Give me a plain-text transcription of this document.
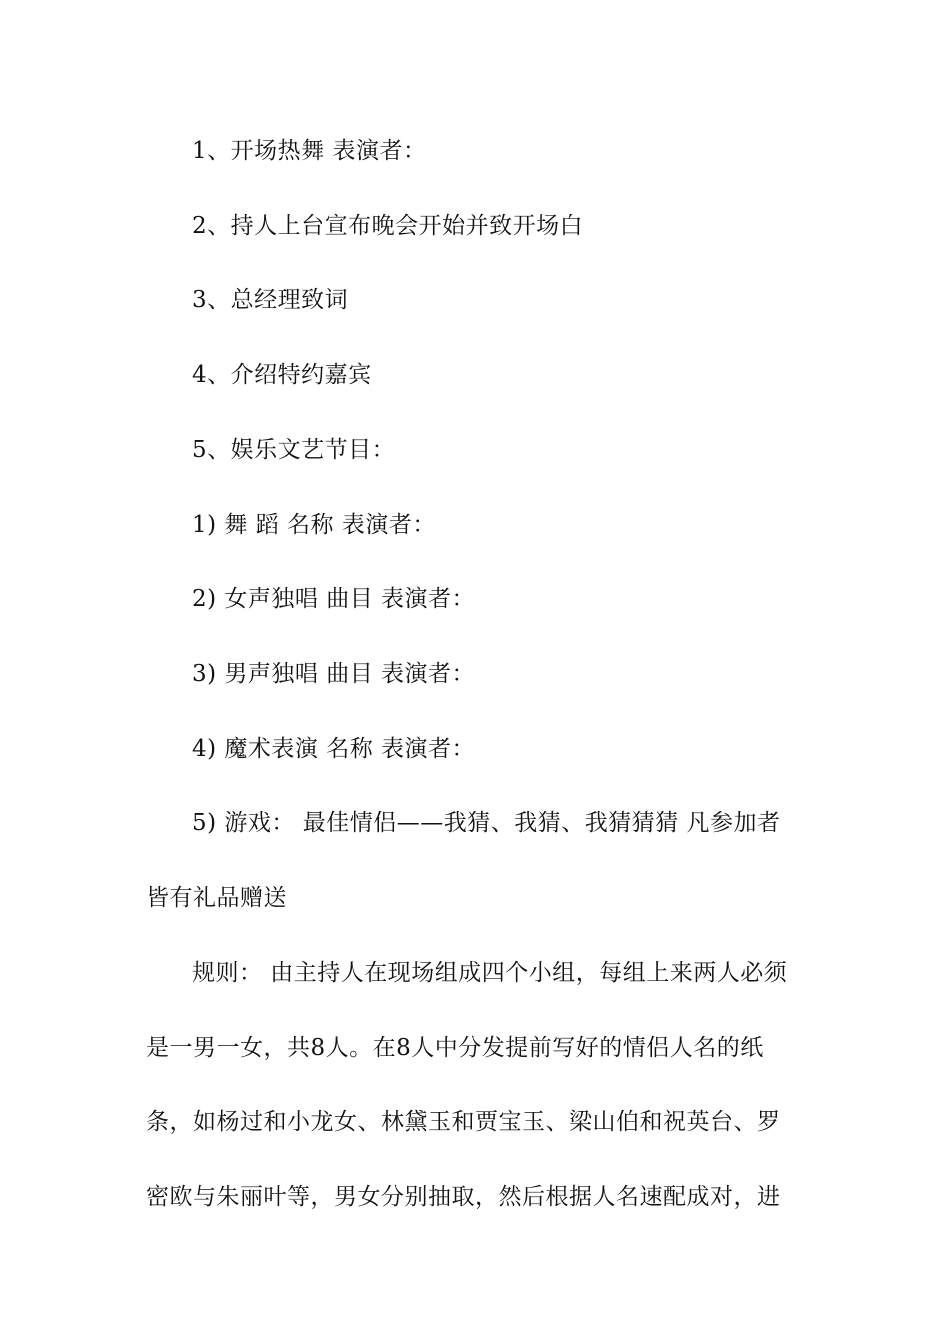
1、开场热舞 表演者：
2、持人上台宣布晚会开始并致开场白
3、总经理致词
4、介绍特约嘉宾
5、娱乐文艺节目：
1) 舞 蹈 名称 表演者：
2) 女声独唱 曲目 表演者：
3) 男声独唱 曲目 表演者：
4) 魔术表演 名称 表演者：
5) 游戏： 最佳情侣——我猜、我猜、我猜猜猜 凡参加者
皆有礼品赠送
规则： 由主持人在现场组成四个小组，每组上来两人必须
是一男一女，共8人。在8人中分发提前写好的情侣人名的纸
条，如杨过和小龙女、林黛玉和贾宝玉、梁山伯和祝英台、罗
密欧与朱丽叶等，男女分别抽取，然后根据人名速配成对，进
